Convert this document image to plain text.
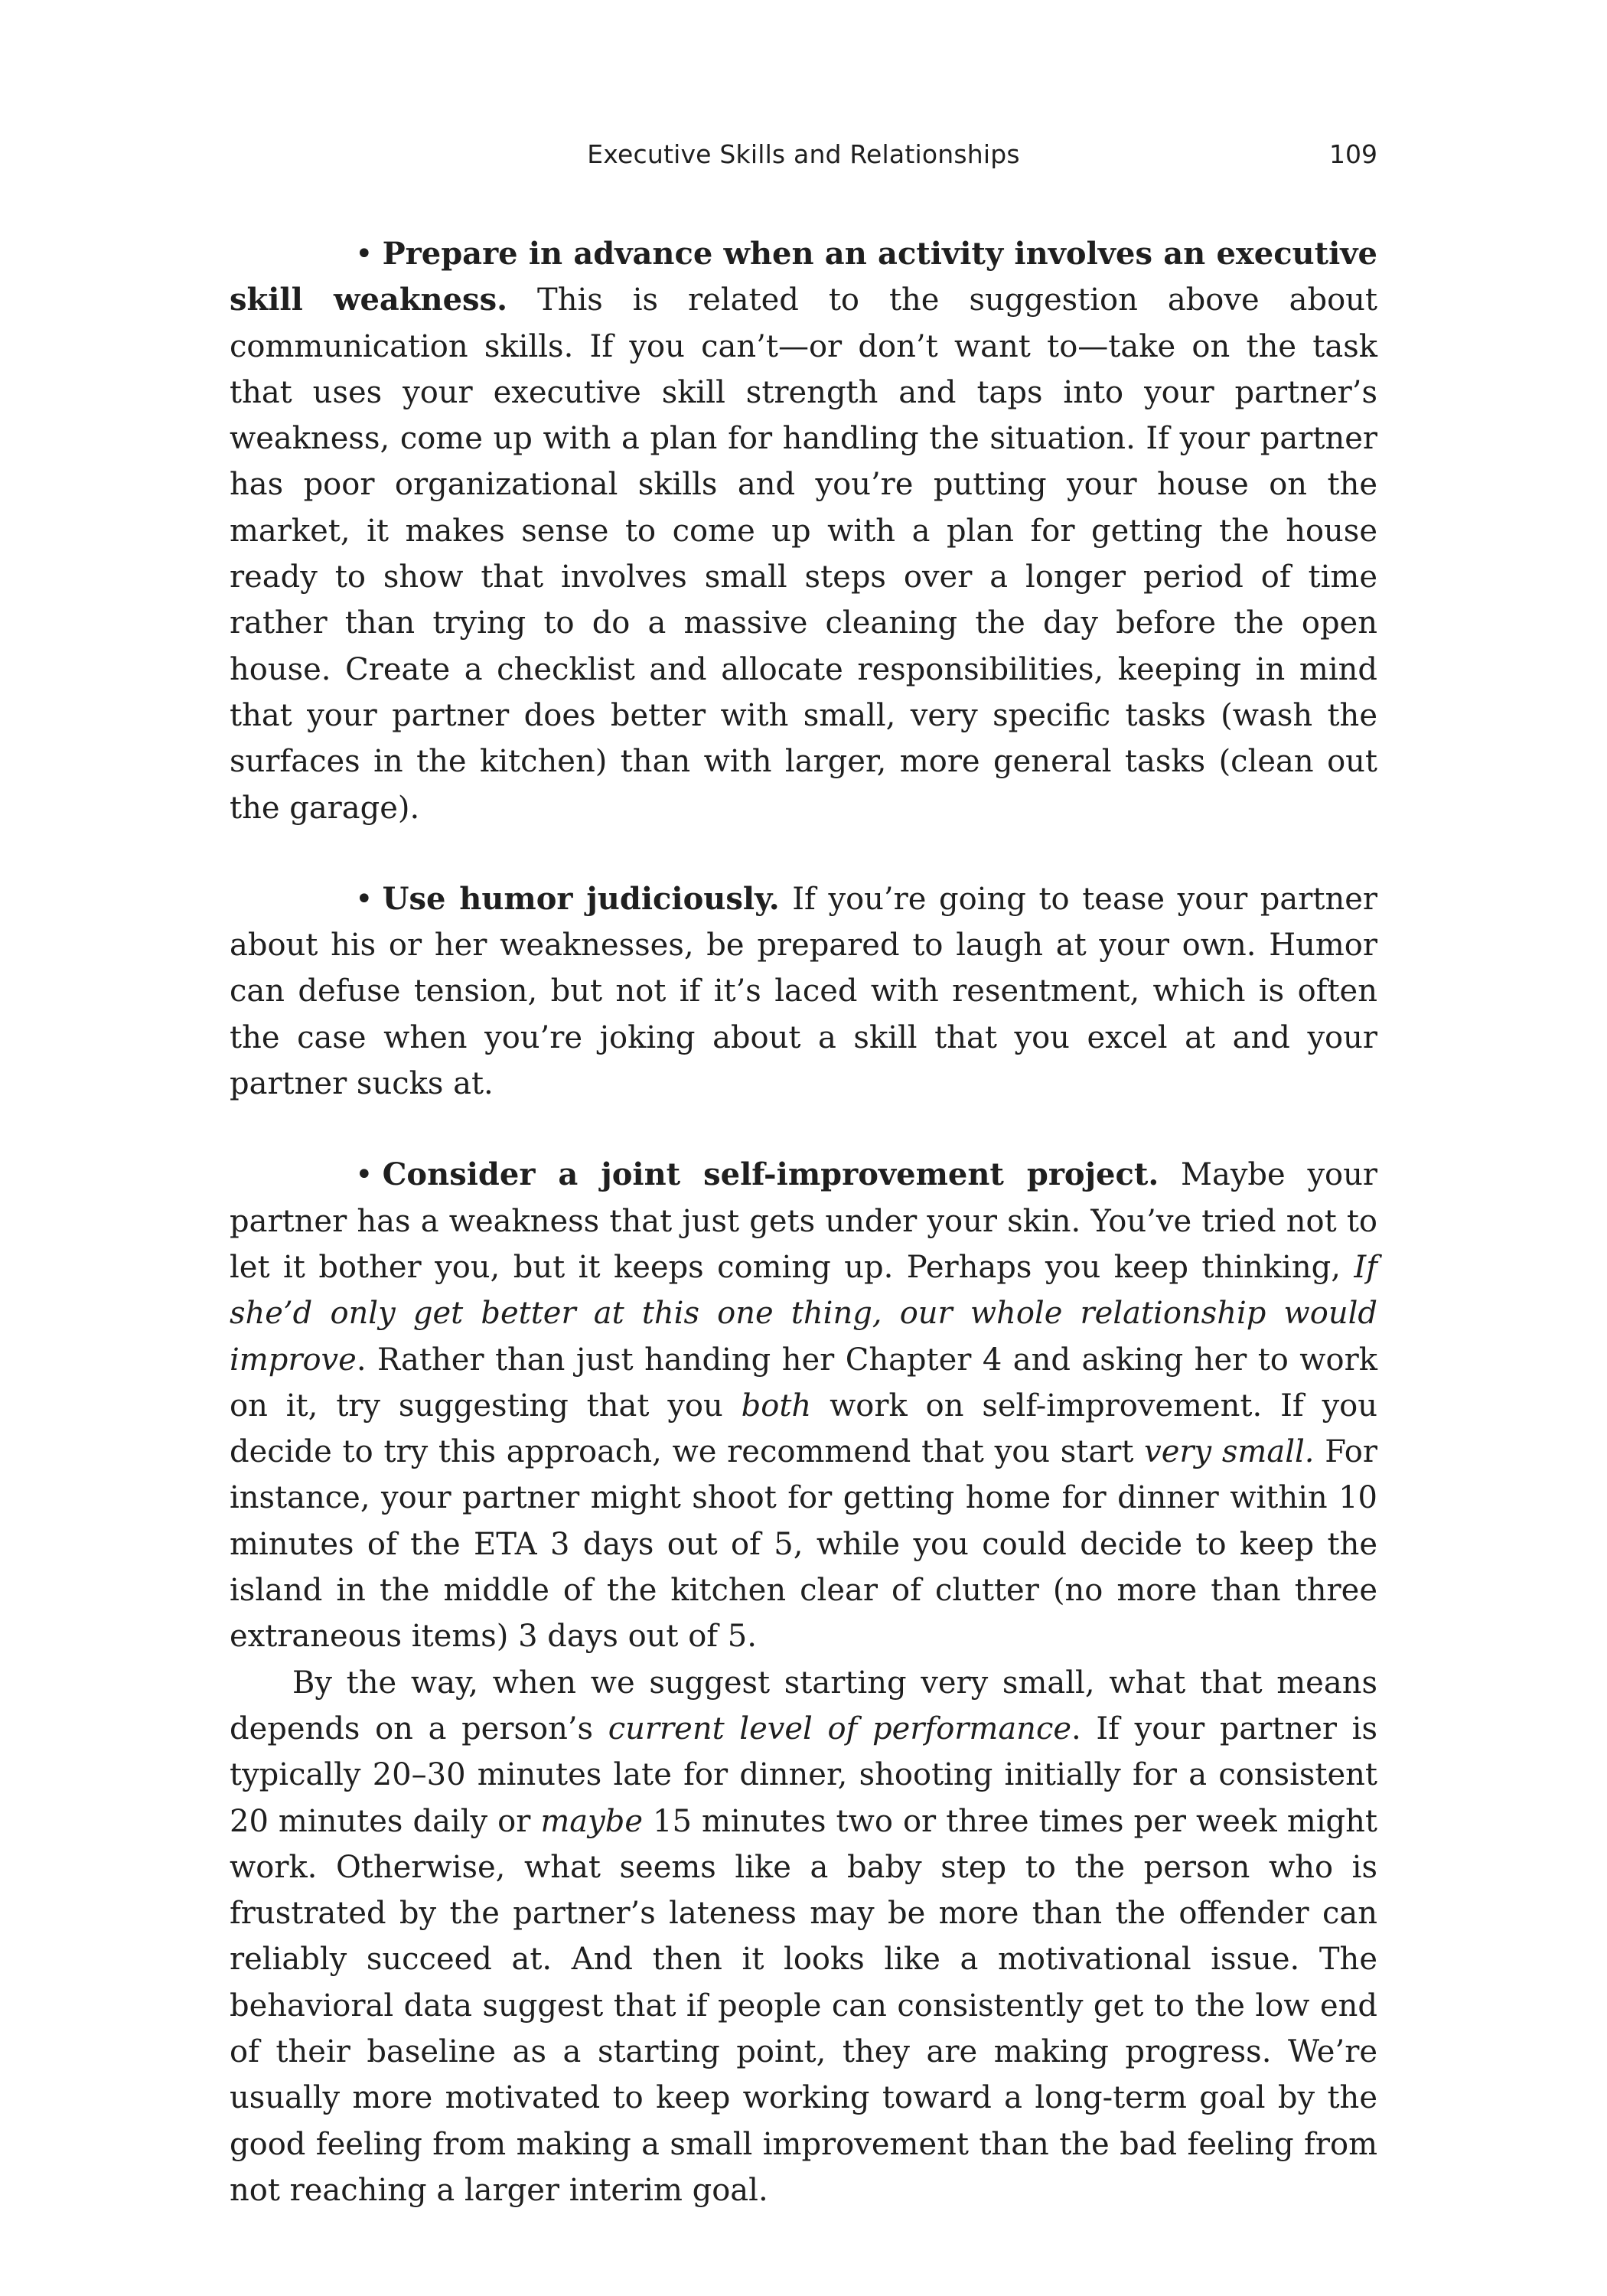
Executive Skills and Relationships	109

• Prepare in advance when an activity involves an executive skill weakness. This is related to the suggestion above about communication skills. If you can’t—or don’t want to—take on the task that uses your executive skill strength and taps into your partner’s weakness, come up with a plan for handling the situation. If your partner has poor organizational skills and you’re putting your house on the market, it makes sense to come up with a plan for getting the house ready to show that involves small steps over a longer period of time rather than trying to do a massive cleaning the day before the open house. Create a checklist and allocate responsibilities, keeping in mind that your partner does better with small, very specific tasks (wash the surfaces in the kitchen) than with larger, more general tasks (clean out the garage).

• Use humor judiciously. If you’re going to tease your partner about his or her weaknesses, be prepared to laugh at your own. Humor can defuse tension, but not if it’s laced with resentment, which is often the case when you’re joking about a skill that you excel at and your partner sucks at.

• Consider a joint self-improvement project. Maybe your partner has a weakness that just gets under your skin. You’ve tried not to let it bother you, but it keeps coming up. Perhaps you keep thinking, If she’d only get better at this one thing, our whole relationship would improve. Rather than just handing her Chapter 4 and asking her to work on it, try suggesting that you both work on self-improvement. If you decide to try this approach, we recommend that you start very small. For instance, your partner might shoot for getting home for dinner within 10 minutes of the ETA 3 days out of 5, while you could decide to keep the island in the middle of the kitchen clear of clutter (no more than three extraneous items) 3 days out of 5.

By the way, when we suggest starting very small, what that means depends on a person’s current level of performance. If your partner is typically 20–30 minutes late for dinner, shooting initially for a consistent 20 minutes daily or maybe 15 minutes two or three times per week might work. Otherwise, what seems like a baby step to the person who is frustrated by the partner’s lateness may be more than the offender can reliably succeed at. And then it looks like a motivational issue. The behavioral data suggest that if people can consistently get to the low end of their baseline as a starting point, they are making progress. We’re usually more motivated to keep working toward a long-term goal by the good feeling from making a small improvement than the bad feeling from not reaching a larger interim goal.
